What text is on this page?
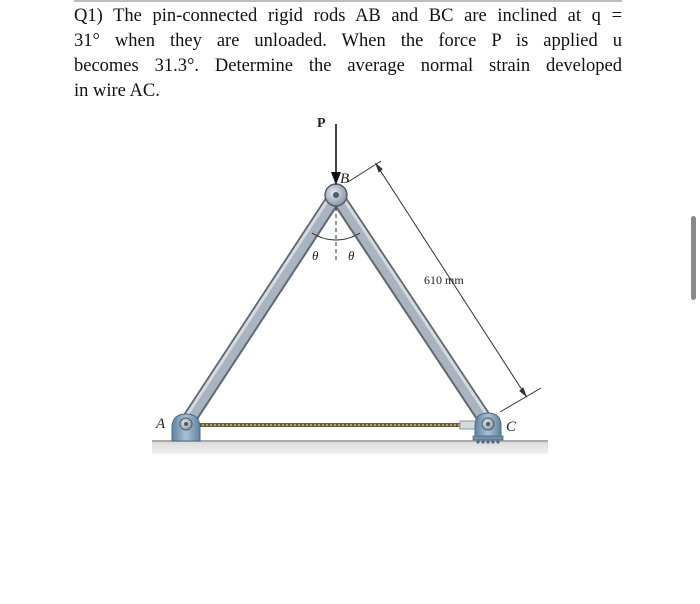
Q1) The pin-connected rigid rods AB and BC are inclined at q =
31° when they are unloaded. When the force P is applied u
becomes 31.3°. Determine the average normal strain developed
in wire AC.
P
B
A	C
θ θ
610 mm
